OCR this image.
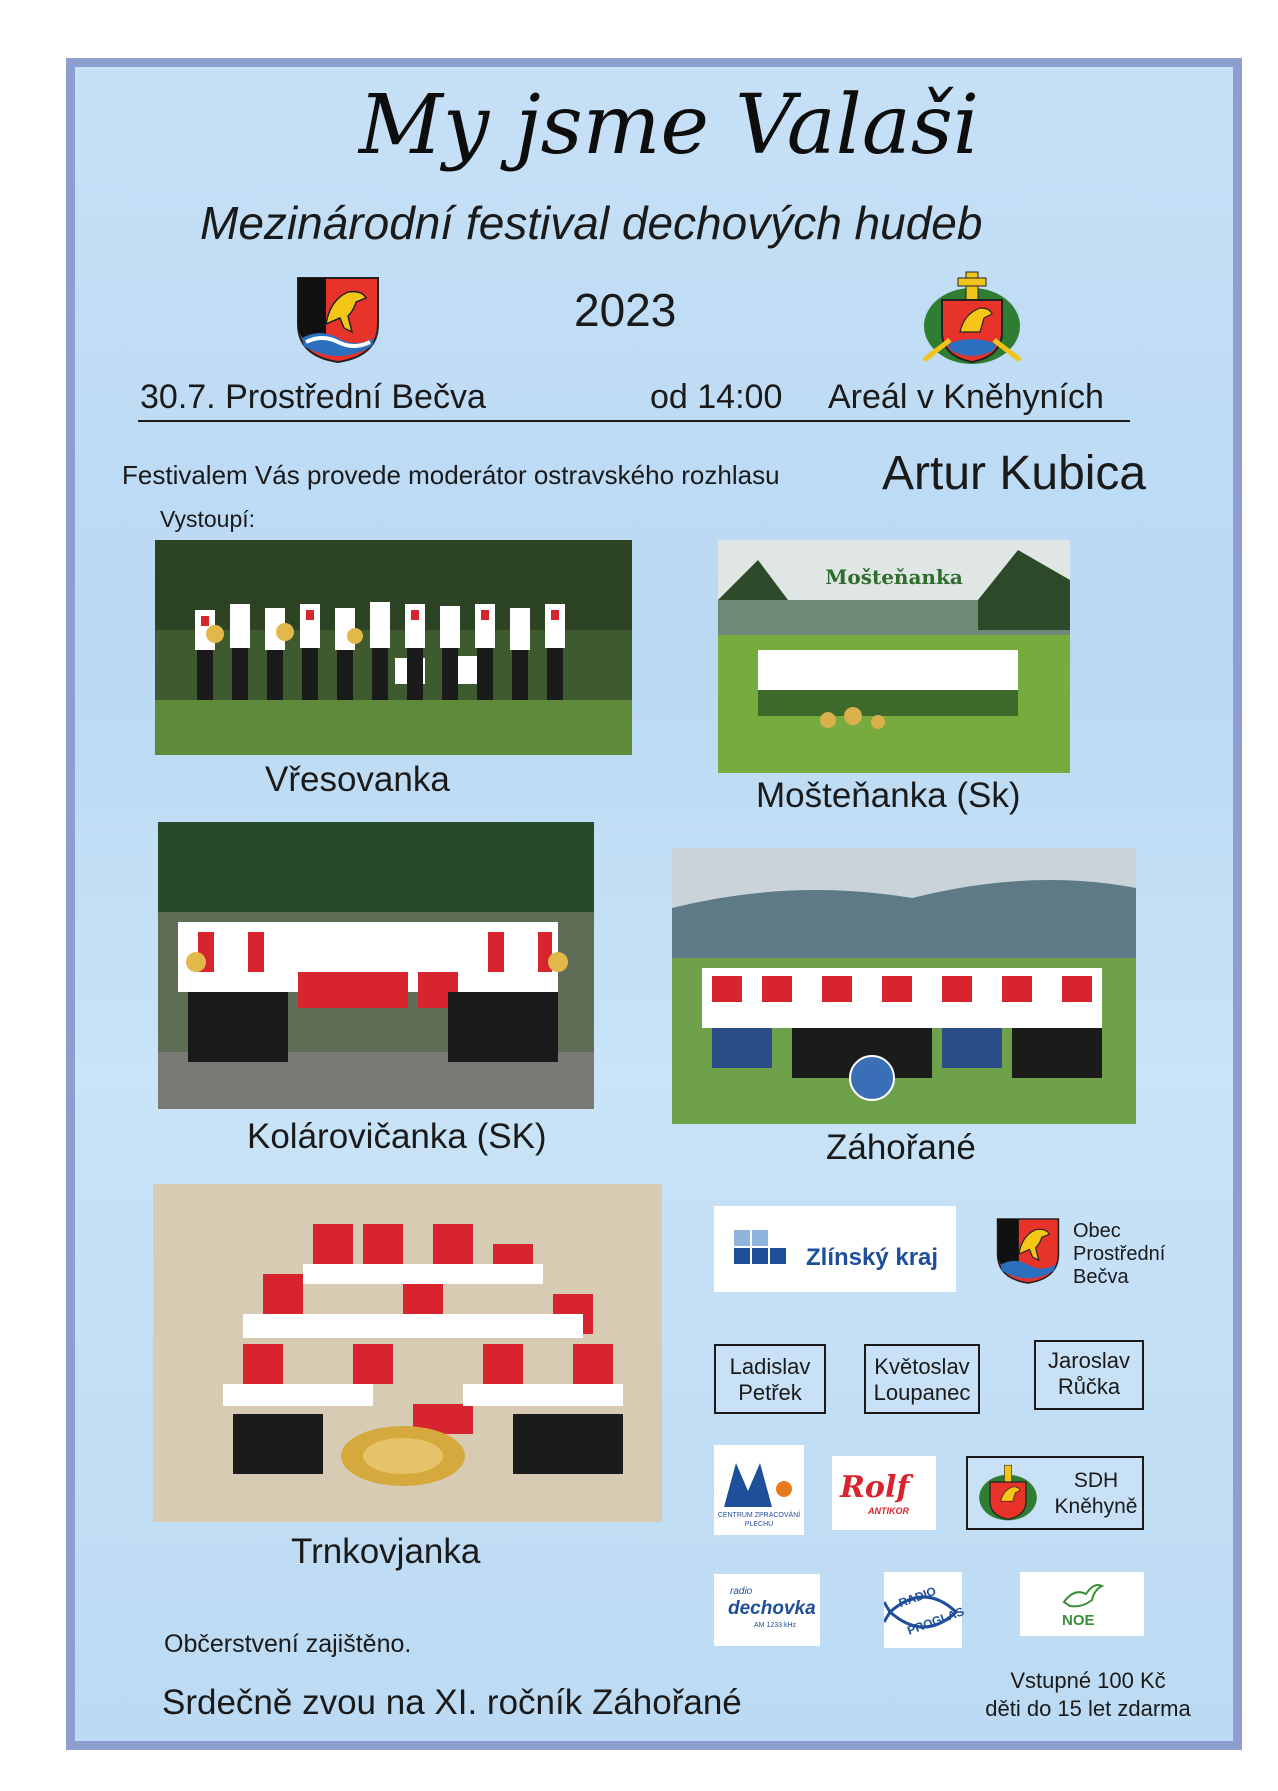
My jsme Valaši
Mezinárodní festival dechových hudeb
2023
30.7. Prostřední Bečva	od 14:00 Areál v Kněhyních
Festivalem Vás provede moderátor ostravského rozhlasu Artur Kubica
Vystoupí:
Vřesovanka
Mošteňanka
Mošteňanka (Sk)
Kolárovičanka (SK)	Záhořané
Trnkovjanka
Zlínský kraj
Obec
Prostřední
Bečva
Ladislav
Petřek
Květoslav
Loupanec
Jaroslav
Růčka
CENTRUM ZPRACOVÁNÍ
PLECHU
Rolf
ANTIKOR
SDH
Kněhyně
radio
dechovka
AM 1233 kHz
RADIO
PROGLAS	NOE
Občerstvení zajištěno.
Srdečně zvou na XI. ročník Záhořané
Vstupné 100 Kč
děti do 15 let zdarma
